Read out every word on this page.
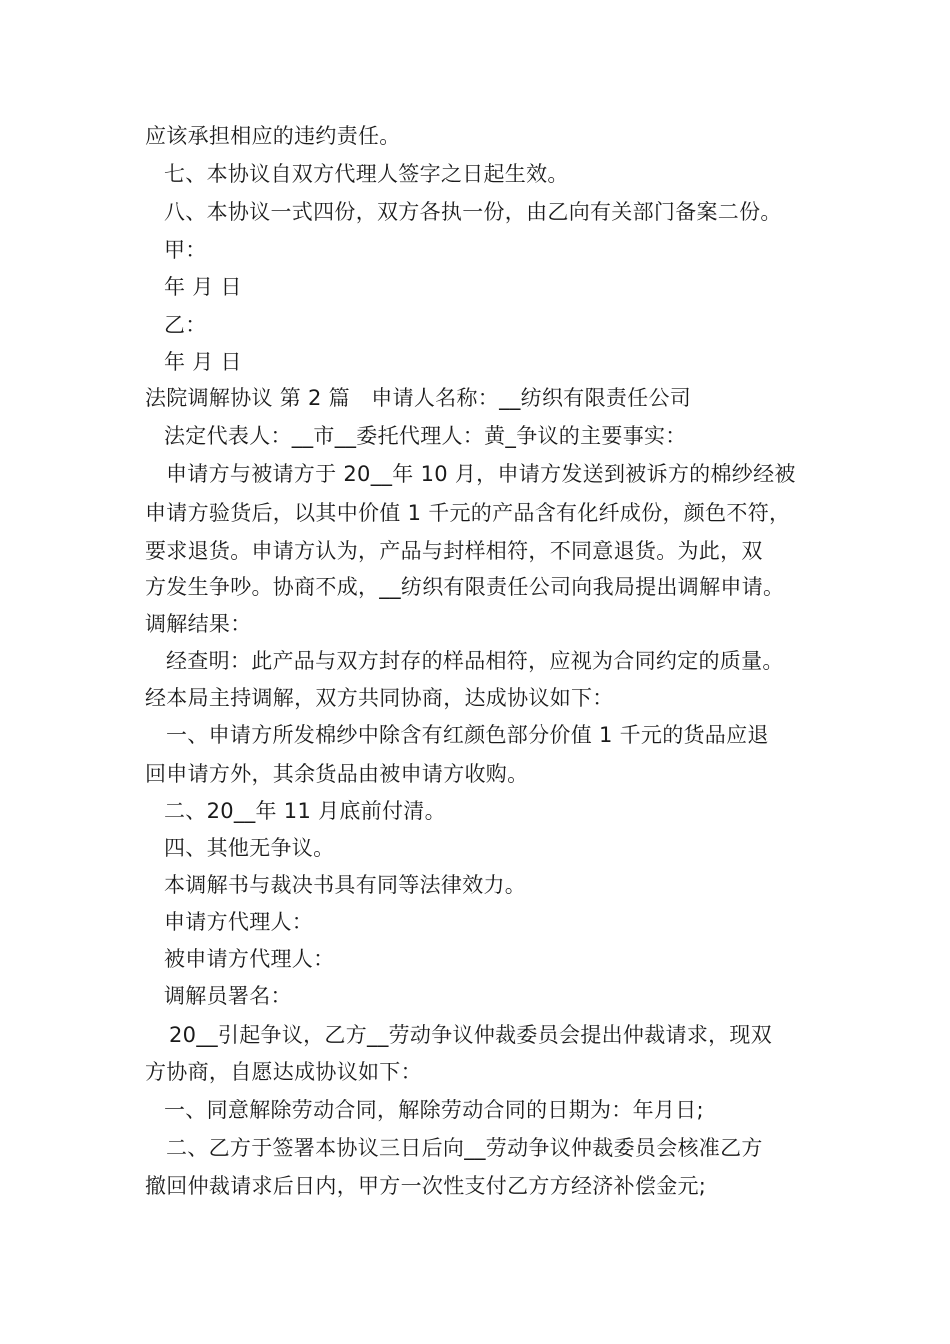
应该承担相应的违约责任。
七、本协议自双方代理人签字之日起生效。
八、本协议一式四份，双方各执一份，由乙向有关部门备案二份。
甲：
年 月 日
乙：
年 月 日
法院调解协议 第 2 篇　申请人名称：__纺织有限责任公司
法定代表人：__市__委托代理人：黄_争议的主要事实：
申请方与被请方于 20__年 10 月，申请方发送到被诉方的棉纱经被
申请方验货后，以其中价值 1 千元的产品含有化纤成份，颜色不符，
要求退货。申请方认为，产品与封样相符，不同意退货。为此，双
方发生争吵。协商不成，__纺织有限责任公司向我局提出调解申请。
调解结果：
经查明：此产品与双方封存的样品相符，应视为合同约定的质量。
经本局主持调解，双方共同协商，达成协议如下：
一、申请方所发棉纱中除含有红颜色部分价值 1 千元的货品应退
回申请方外，其余货品由被申请方收购。
二、20__年 11 月底前付清。
四、其他无争议。
本调解书与裁决书具有同等法律效力。
申请方代理人：
被申请方代理人：
调解员署名：
20__引起争议，乙方__劳动争议仲裁委员会提出仲裁请求，现双
方协商，自愿达成协议如下：
一、同意解除劳动合同，解除劳动合同的日期为：年月日;
二、乙方于签署本协议三日后向__劳动争议仲裁委员会核准乙方
撤回仲裁请求后日内，甲方一次性支付乙方方经济补偿金元;
